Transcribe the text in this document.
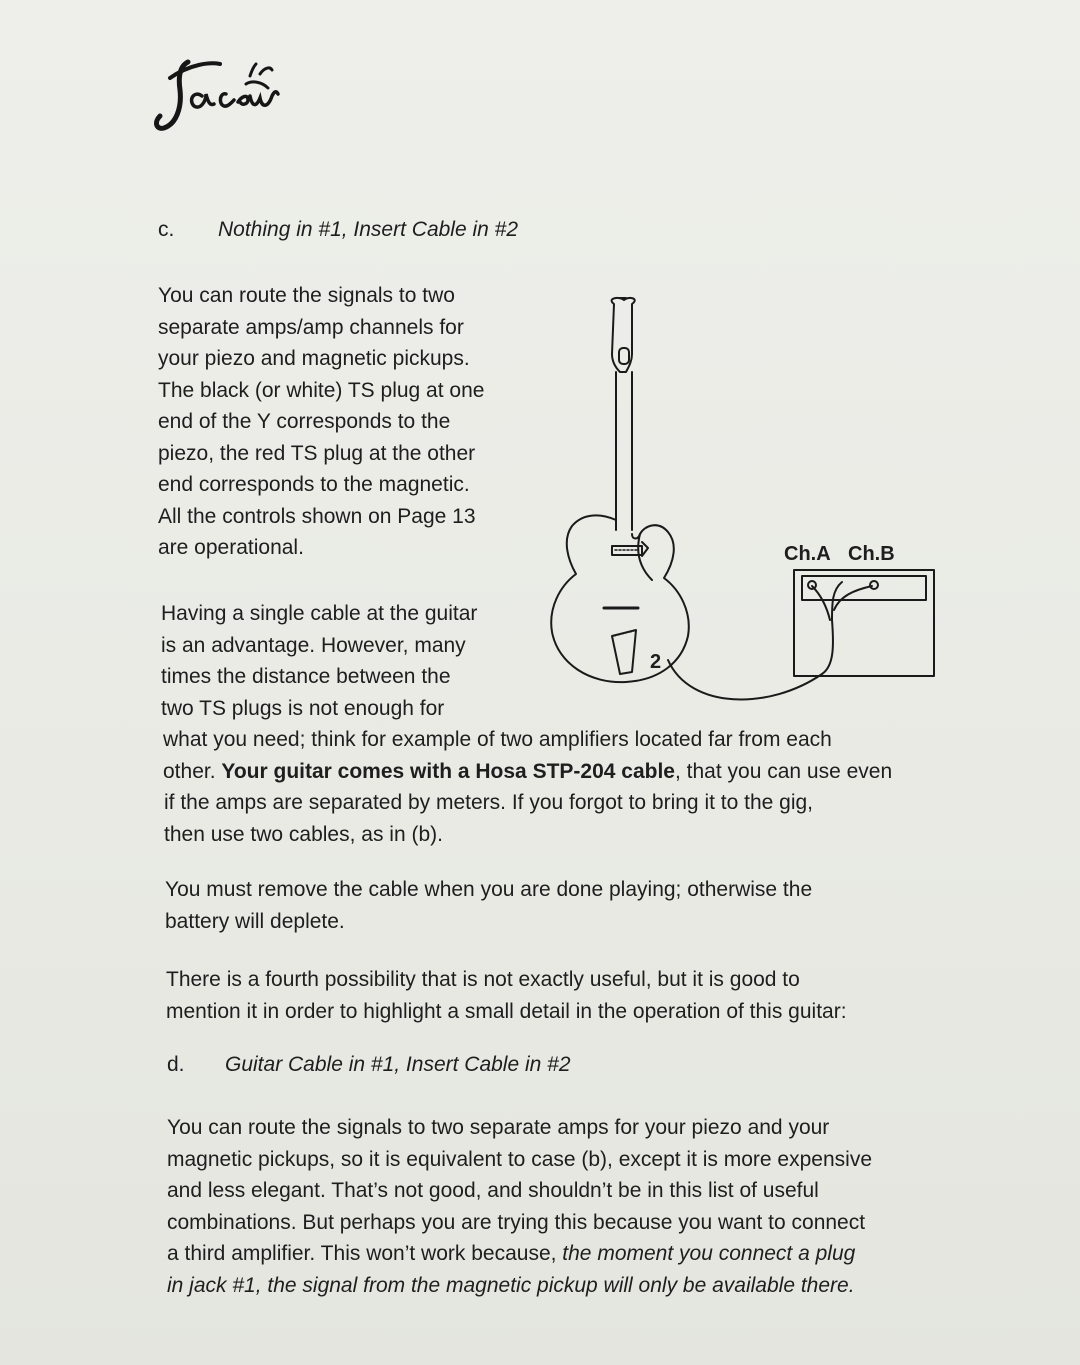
c. Nothing in #1, Insert Cable in #2
You can route the signals to two
separate amps/amp channels for
your piezo and magnetic pickups.
The black (or white) TS plug at one
end of the Y corresponds to the
piezo, the red TS plug at the other
end corresponds to the magnetic.
All the controls shown on Page 13
are operational.
Having a single cable at the guitar
is an advantage. However, many
times the distance between the
two TS plugs is not enough for
what you need; think for example of two amplifiers located far from each
other. Your guitar comes with a Hosa STP-204 cable, that you can use even
if the amps are separated by meters. If you forgot to bring it to the gig,
then use two cables, as in (b).
You must remove the cable when you are done playing; otherwise the
battery will deplete.
There is a fourth possibility that is not exactly useful, but it is good to
mention it in order to highlight a small detail in the operation of this guitar:
d. Guitar Cable in #1, Insert Cable in #2
You can route the signals to two separate amps for your piezo and your
magnetic pickups, so it is equivalent to case (b), except it is more expensive
and less elegant. That’s not good, and shouldn’t be in this list of useful
combinations. But perhaps you are trying this because you want to connect
a third amplifier. This won’t work because, the moment you connect a plug
in jack #1, the signal from the magnetic pickup will only be available there.
2
Ch.A Ch.B
